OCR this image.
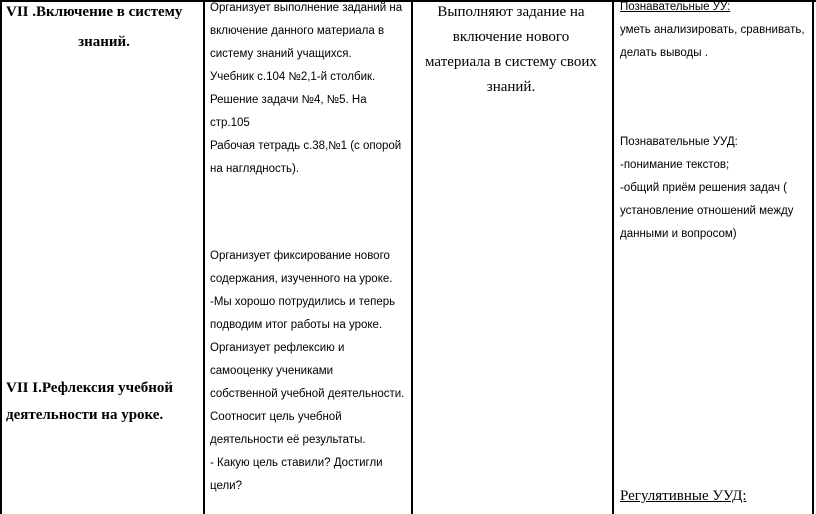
VII .Включение в систему
знаний.
VII I.Рефлексия учебной
деятельности на уроке.
Организует выполнение заданий на
включение данного материала в
систему знаний учащихся.
Учебник с.104 №2,1-й столбик.
Решение задачи №4, №5. На
стр.105
Рабочая тетрадь с.38,№1 (с опорой
на наглядность).
Организует фиксирование нового
содержания, изученного на уроке.
-Мы хорошо потрудились и теперь
подводим итог работы на уроке.
Организует рефлексию и
самооценку учениками
собственной учебной деятельности.
Соотносит цель учебной
деятельности её результаты.
- Какую цель ставили? Достигли
цели?
Выполняют задание на
включение нового
материала в систему своих
знаний.
Познавательные УУ:
уметь анализировать, сравнивать,
делать выводы .
Познавательные УУД:
-понимание текстов;
-общий приём решения задач (
установление отношений между
данными и вопросом)
Регулятивные УУД:
